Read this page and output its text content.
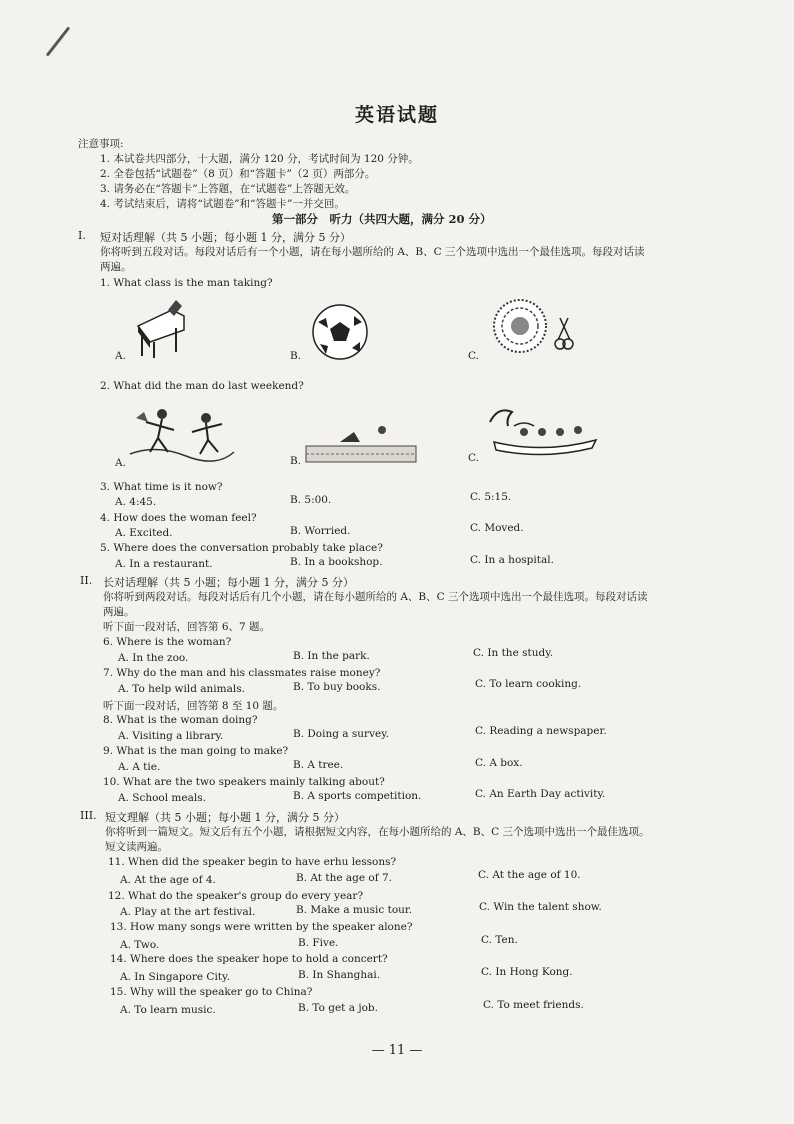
英语试题
注意事项:
1. 本试卷共四部分，十大题，满分 120 分，考试时间为 120 分钟。
2. 全卷包括“试题卷”（8 页）和“答题卡”（2 页）两部分。
3. 请务必在“答题卡”上答题，在“试题卷”上答题无效。
4. 考试结束后，请将“试题卷”和“答题卡”一并交回。
第一部分　听力（共四大题，满分 20 分）
I. 短对话理解（共 5 小题；每小题 1 分，满分 5 分）
你将听到五段对话。每段对话后有一个小题，请在每小题所给的 A、B、C 三个选项中选出一个最佳选项。每段对话读
两遍。
1. What class is the man taking?
A.	B.	C.
2. What did the man do last weekend?
A.	B.	C.
3. What time is it now?
A. 4:45.	B. 5:00.	C. 5:15.
4. How does the woman feel?
A. Excited.	B. Worried.	C. Moved.
5. Where does the conversation probably take place?
A. In a restaurant.	B. In a bookshop.	C. In a hospital.
II. 长对话理解（共 5 小题；每小题 1 分，满分 5 分）
你将听到两段对话。每段对话后有几个小题，请在每小题所给的 A、B、C 三个选项中选出一个最佳选项。每段对话读
两遍。
听下面一段对话，回答第 6、7 题。
6. Where is the woman?
A. In the zoo.	B. In the park.	C. In the study.
7. Why do the man and his classmates raise money?
A. To help wild animals.	B. To buy books.	C. To learn cooking.
听下面一段对话，回答第 8 至 10 题。
8. What is the woman doing?
A. Visiting a library.	B. Doing a survey.	C. Reading a newspaper.
9. What is the man going to make?
A. A tie.	B. A tree.	C. A box.
10. What are the two speakers mainly talking about?
A. School meals.	B. A sports competition.	C. An Earth Day activity.
III. 短文理解（共 5 小题；每小题 1 分，满分 5 分）
你将听到一篇短文。短文后有五个小题，请根据短文内容，在每小题所给的 A、B、C 三个选项中选出一个最佳选项。
短文读两遍。
11. When did the speaker begin to have erhu lessons?
A. At the age of 4.	B. At the age of 7.	C. At the age of 10.
12. What do the speaker's group do every year?
A. Play at the art festival.	B. Make a music tour.	C. Win the talent show.
13. How many songs were written by the speaker alone?
A. Two.	B. Five.	C. Ten.
14. Where does the speaker hope to hold a concert?
A. In Singapore City.	B. In Shanghai.	C. In Hong Kong.
15. Why will the speaker go to China?
A. To learn music.	B. To get a job.	C. To meet friends.
— 11 —
